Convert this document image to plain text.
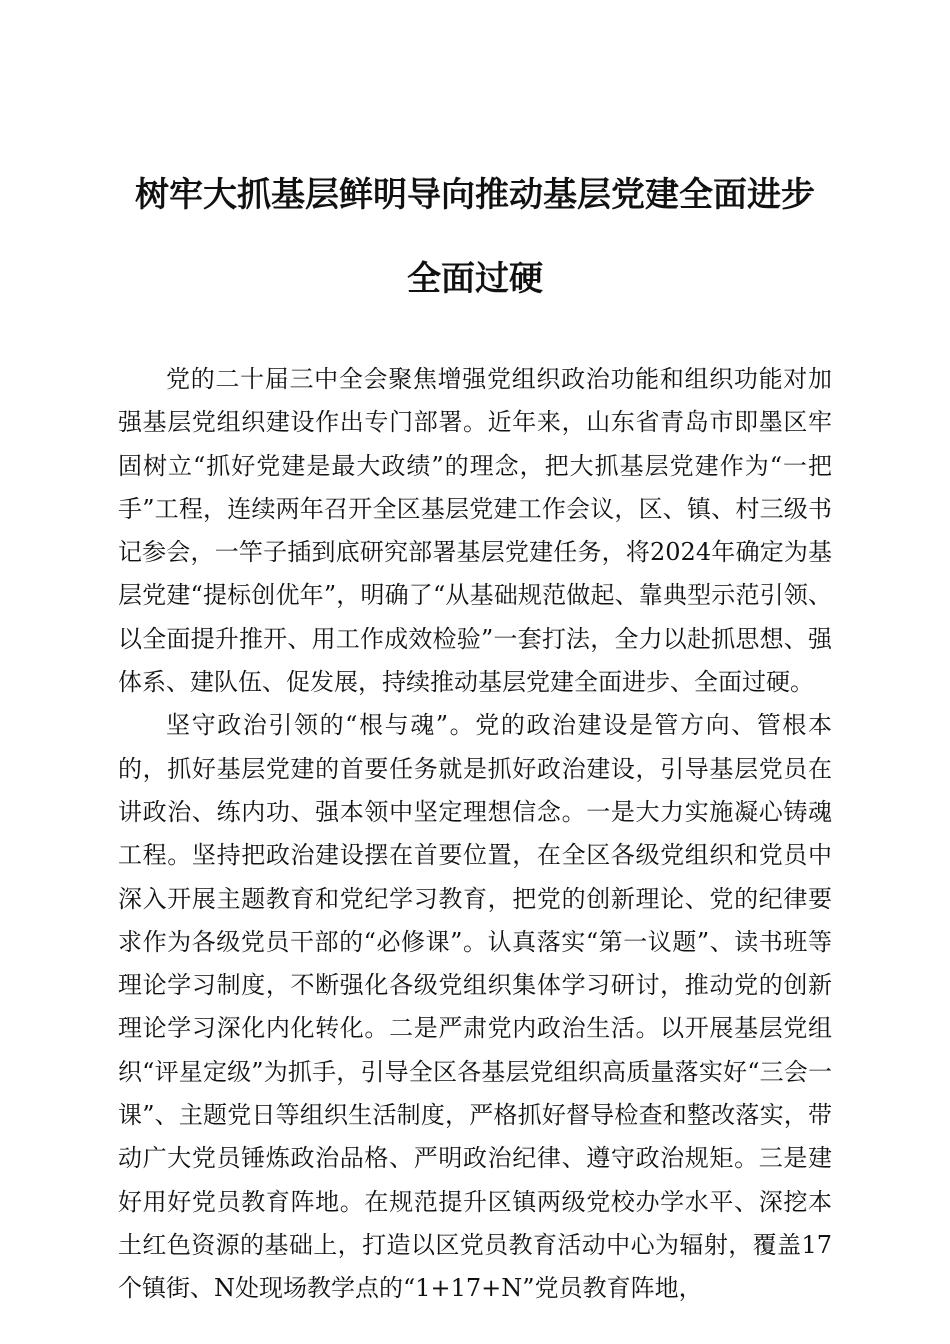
树牢大抓基层鲜明导向推动基层党建全面进步

全面过硬

党的二十届三中全会聚焦增强党组织政治功能和组织功能对加强基层党组织建设作出专门部署。近年来，山东省青岛市即墨区牢固树立“抓好党建是最大政绩”的理念，把大抓基层党建作为“一把手”工程，连续两年召开全区基层党建工作会议，区、镇、村三级书记参会，一竿子插到底研究部署基层党建任务，将2024年确定为基层党建“提标创优年”，明确了“从基础规范做起、靠典型示范引领、以全面提升推开、用工作成效检验”一套打法，全力以赴抓思想、强体系、建队伍、促发展，持续推动基层党建全面进步、全面过硬。

坚守政治引领的“根与魂”。党的政治建设是管方向、管根本的，抓好基层党建的首要任务就是抓好政治建设，引导基层党员在讲政治、练内功、强本领中坚定理想信念。一是大力实施凝心铸魂工程。坚持把政治建设摆在首要位置，在全区各级党组织和党员中深入开展主题教育和党纪学习教育，把党的创新理论、党的纪律要求作为各级党员干部的“必修课”。认真落实“第一议题”、读书班等理论学习制度，不断强化各级党组织集体学习研讨，推动党的创新理论学习深化内化转化。二是严肃党内政治生活。以开展基层党组织“评星定级”为抓手，引导全区各基层党组织高质量落实好“三会一课”、主题党日等组织生活制度，严格抓好督导检查和整改落实，带动广大党员锤炼政治品格、严明政治纪律、遵守政治规矩。三是建好用好党员教育阵地。在规范提升区镇两级党校办学水平、深挖本土红色资源的基础上，打造以区党员教育活动中心为辐射，覆盖17个镇街、N处现场教学点的“1+17+N”党员教育阵地，
